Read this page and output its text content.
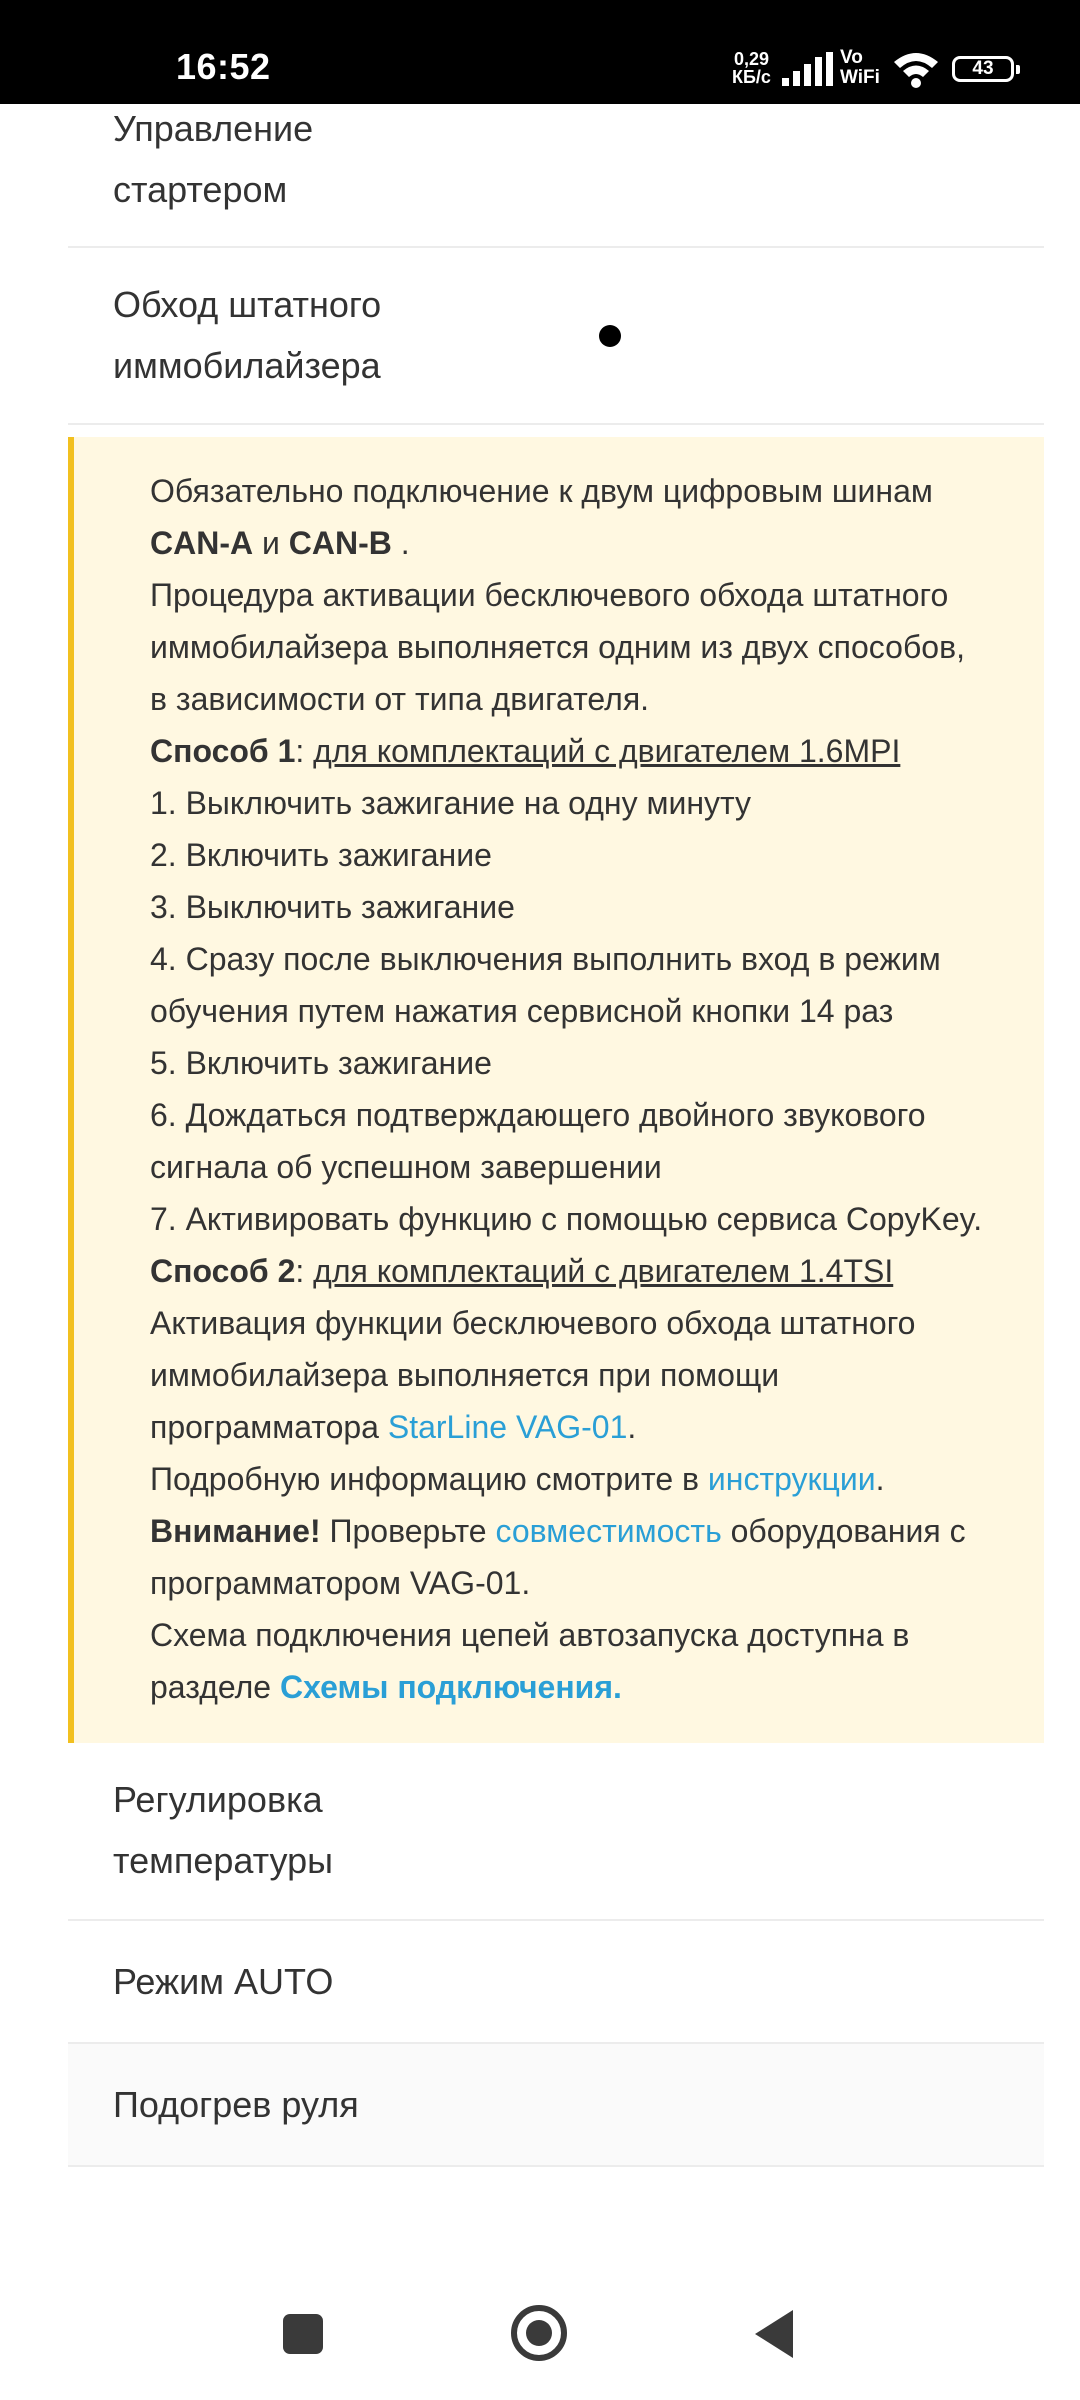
16:52	0,29
КБ/с
Vo
WiFi	43
Управление
стартером
Обход штатного
иммобилайзера

Обязательно подключение к двум цифровым шинам CAN-A и CAN-B .

Процедура активации бесключевого обхода штатного иммобилайзера выполняется одним из двух способов, в зависимости от типа двигателя.

Способ 1: для комплектаций с двигателем 1.6MPI

1. Выключить зажигание на одну минуту

2. Включить зажигание

3. Выключить зажигание

4. Сразу после выключения выполнить вход в режим обучения путем нажатия сервисной кнопки 14 раз

5. Включить зажигание

6. Дождаться подтверждающего двойного звукового сигнала об успешном завершении

7. Активировать функцию с помощью сервиса CopyKey.

Способ 2: для комплектаций с двигателем 1.4TSI

Активация функции бесключевого обхода штатного иммобилайзера выполняется при помощи программатора StarLine VAG-01.

Подробную информацию смотрите в инструкции.

Внимание! Проверьте совместимость оборудования с программатором VAG-01.

Схема подключения цепей автозапуска доступна в разделе Схемы подключения.

Регулировка
температуры
Режим AUTO
Подогрев руля
